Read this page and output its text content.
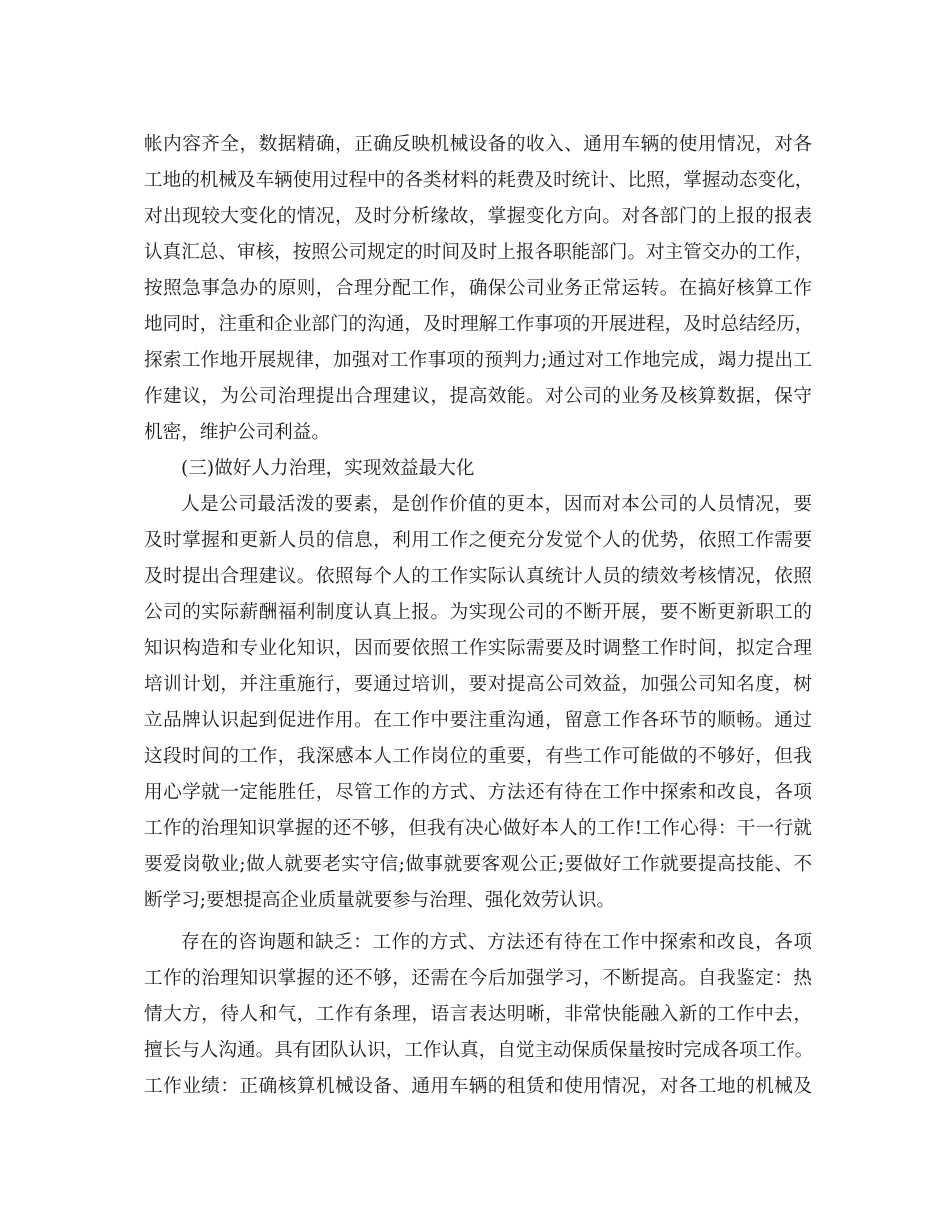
帐内容齐全，数据精确，正确反映机械设备的收入、通用车辆的使用情况，对各
工地的机械及车辆使用过程中的各类材料的耗费及时统计、比照，掌握动态变化，
对出现较大变化的情况，及时分析缘故，掌握变化方向。对各部门的上报的报表
认真汇总、审核，按照公司规定的时间及时上报各职能部门。对主管交办的工作，
按照急事急办的原则，合理分配工作，确保公司业务正常运转。在搞好核算工作
地同时，注重和企业部门的沟通，及时理解工作事项的开展进程，及时总结经历，
探索工作地开展规律，加强对工作事项的预判力;通过对工作地完成，竭力提出工
作建议，为公司治理提出合理建议，提高效能。对公司的业务及核算数据，保守
机密，维护公司利益。
(三)做好人力治理，实现效益最大化
人是公司最活泼的要素，是创作价值的更本，因而对本公司的人员情况，要
及时掌握和更新人员的信息，利用工作之便充分发觉个人的优势，依照工作需要
及时提出合理建议。依照每个人的工作实际认真统计人员的绩效考核情况，依照
公司的实际薪酬福利制度认真上报。为实现公司的不断开展，要不断更新职工的
知识构造和专业化知识，因而要依照工作实际需要及时调整工作时间，拟定合理
培训计划，并注重施行，要通过培训，要对提高公司效益，加强公司知名度，树
立品牌认识起到促进作用。在工作中要注重沟通，留意工作各环节的顺畅。通过
这段时间的工作，我深感本人工作岗位的重要，有些工作可能做的不够好，但我
用心学就一定能胜任，尽管工作的方式、方法还有待在工作中探索和改良，各项
工作的治理知识掌握的还不够，但我有决心做好本人的工作!工作心得：干一行就
要爱岗敬业;做人就要老实守信;做事就要客观公正;要做好工作就要提高技能、不
断学习;要想提高企业质量就要参与治理、强化效劳认识。
存在的咨询题和缺乏：工作的方式、方法还有待在工作中探索和改良，各项
工作的治理知识掌握的还不够，还需在今后加强学习，不断提高。自我鉴定：热
情大方，待人和气，工作有条理，语言表达明晰，非常快能融入新的工作中去，
擅长与人沟通。具有团队认识，工作认真，自觉主动保质保量按时完成各项工作。
工作业绩：正确核算机械设备、通用车辆的租赁和使用情况，对各工地的机械及
